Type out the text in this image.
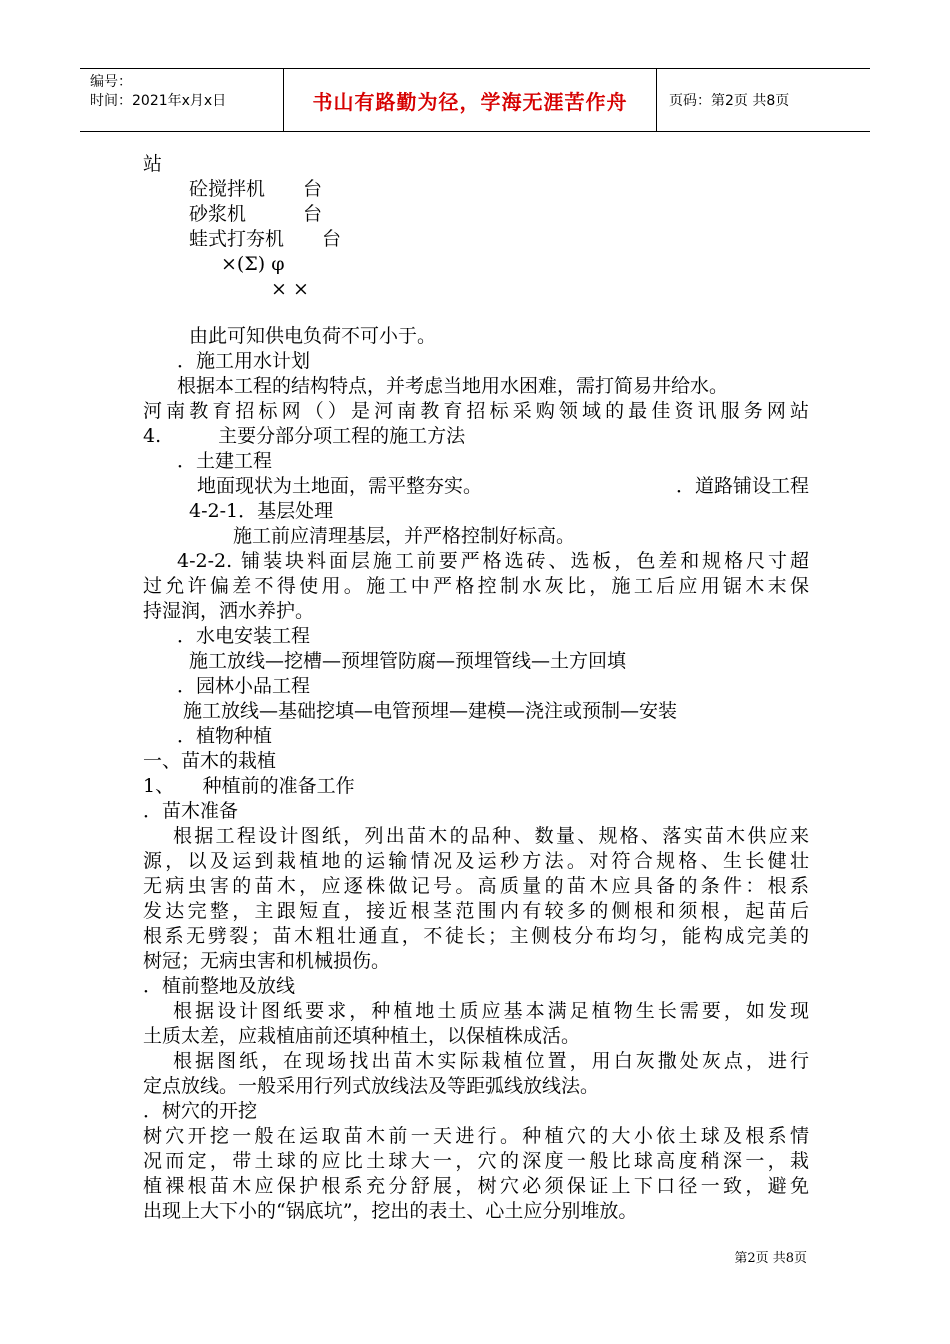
编号：
时间：2021年x月x日	书山有路勤为径，学海无涯苦作舟	页码：第2页 共8页
站
砼搅拌机　　台
砂浆机　　　台
蛙式打夯机　　台
×(Σ) φ
× ×
由此可知供电负荷不可小于。
．施工用水计划
根据本工程的结构特点，并考虑当地用水困难，需打简易井给水。
河南教育招标网（）是河南教育招标采购领域的最佳资讯服务网站
4.　　　主要分部分项工程的施工方法
．土建工程
地面现状为土地面，需平整夯实。	．道路铺设工程
4-2-1．基层处理
施工前应清理基层，并严格控制好标高。
4-2-2. 铺装块料面层施工前要严格选砖、选板，色差和规格尺寸超
过允许偏差不得使用。施工中严格控制水灰比，施工后应用锯木末保
持湿润，洒水养护。
．水电安装工程
施工放线—挖槽—预埋管防腐—预埋管线—土方回填
．园林小品工程
施工放线—基础挖填—电管预埋—建模—浇注或预制—安装
．植物种植
一、苗木的栽植
1、　　种植前的准备工作
．苗木准备
根据工程设计图纸，列出苗木的品种、数量、规格、落实苗木供应来
源，以及运到栽植地的运输情况及运秒方法。对符合规格、生长健壮
无病虫害的苗木，应逐株做记号。高质量的苗木应具备的条件：根系
发达完整，主跟短直，接近根茎范围内有较多的侧根和须根，起苗后
根系无劈裂；苗木粗壮通直，不徒长；主侧枝分布均匀，能构成完美的
树冠；无病虫害和机械损伤。
．植前整地及放线
根据设计图纸要求，种植地土质应基本满足植物生长需要，如发现
土质太差，应栽植庙前还填种植土，以保植株成活。
根据图纸，在现场找出苗木实际栽植位置，用白灰撒处灰点，进行
定点放线。一般采用行列式放线法及等距弧线放线法。
．树穴的开挖
树穴开挖一般在运取苗木前一天进行。种植穴的大小依土球及根系情
况而定，带土球的应比土球大一，穴的深度一般比球高度稍深一，栽
植裸根苗木应保护根系充分舒展，树穴必须保证上下口径一致，避免
出现上大下小的“锅底坑”，挖出的表土、心土应分别堆放。
第2页 共8页
